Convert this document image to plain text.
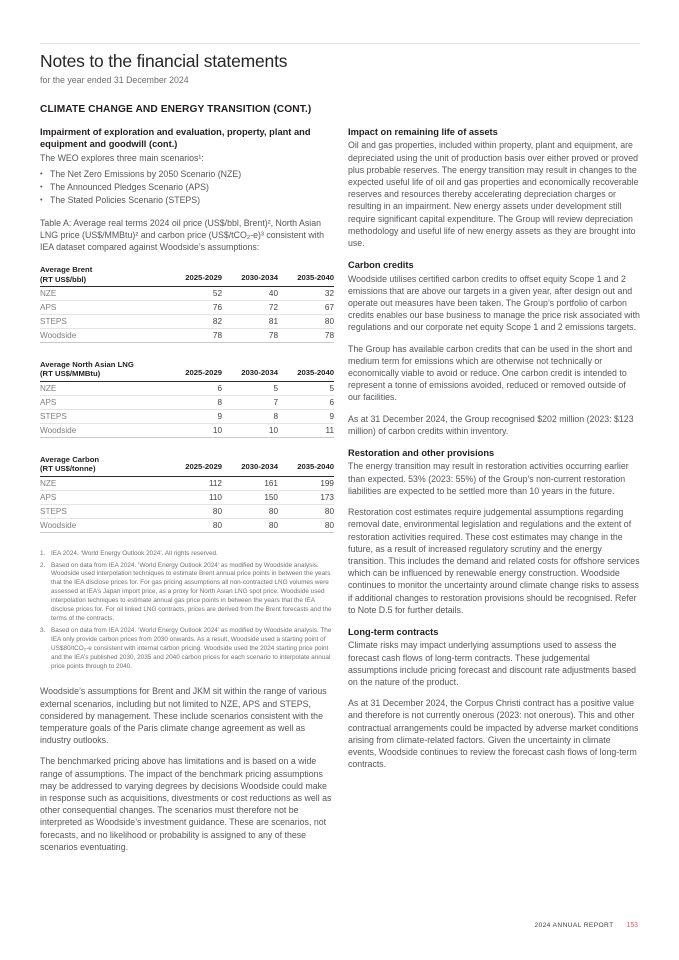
Notes to the financial statements
for the year ended 31 December 2024
CLIMATE CHANGE AND ENERGY TRANSITION (CONT.)
Impairment of exploration and evaluation, property, plant and equipment and goodwill (cont.)
The WEO explores three main scenarios¹:
• The Net Zero Emissions by 2050 Scenario (NZE)
• The Announced Pledges Scenario (APS)
• The Stated Policies Scenario (STEPS)

Table A: Average real terms 2024 oil price (US$/bbl, Brent)², North Asian LNG price (US$/MMBtu)² and carbon price (US$/tCO₂-e)³ consistent with IEA dataset compared against Woodside’s assumptions:

Average Brent
(RT US$/bbl)	2025-2029	2030-2034	2035-2040
NZE	52	40	32
APS	76	72	67
STEPS	82	81	80
Woodside	78	78	78
Average North Asian LNG
(RT US$/MMBtu)	2025-2029	2030-2034	2035-2040
NZE	6	5	5
APS	8	7	6
STEPS	9	8	9
Woodside	10	10	11
Average Carbon
(RT US$/tonne)	2025-2029	2030-2034	2035-2040
NZE	112	161	199
APS	110	150	173
STEPS	80	80	80
Woodside	80	80	80
1. IEA 2024. ‘World Energy Outlook 2024’. All rights reserved.
2. Based on data from IEA 2024. ‘World Energy Outlook 2024’ as modified by Woodside analysis. Woodside used interpolation techniques to estimate Brent annual price points in between the years that the IEA disclose prices for. For gas pricing assumptions all non-contracted LNG volumes were assessed at IEA’s Japan import price, as a proxy for North Asian LNG spot price. Woodside used interpolation techniques to estimate annual gas price points in between the years that the IEA disclose prices for. For oil linked LNG contracts, prices are derived from the Brent forecasts and the terms of the contracts.
3. Based on data from IEA 2024. ‘World Energy Outlook 2024’ as modified by Woodside analysis. The IEA only provide carbon prices from 2030 onwards. As a result, Woodside used a starting point of US$80/tCO₂-e consistent with internal carbon pricing. Woodside used the 2024 starting price point and the IEA’s published 2030, 2035 and 2040 carbon prices for each scenario to interpolate annual price points through to 2040.

Woodside’s assumptions for Brent and JKM sit within the range of various external scenarios, including but not limited to NZE, APS and STEPS, considered by management. These include scenarios consistent with the temperature goals of the Paris climate change agreement as well as industry outlooks.

The benchmarked pricing above has limitations and is based on a wide range of assumptions. The impact of the benchmark pricing assumptions may be addressed to varying degrees by decisions Woodside could make in response such as acquisitions, divestments or cost reductions as well as other consequential changes. The scenarios must therefore not be interpreted as Woodside’s investment guidance. These are scenarios, not forecasts, and no likelihood or probability is assigned to any of these scenarios eventuating.

Impact on remaining life of assets

Oil and gas properties, included within property, plant and equipment, are depreciated using the unit of production basis over either proved or proved plus probable reserves. The energy transition may result in changes to the expected useful life of oil and gas properties and economically recoverable reserves and resources thereby accelerating depreciation charges or resulting in an impairment. New energy assets under development still require significant capital expenditure. The Group will review depreciation methodology and useful life of new energy assets as they are brought into use.

Carbon credits

Woodside utilises certified carbon credits to offset equity Scope 1 and 2 emissions that are above our targets in a given year, after design out and operate out measures have been taken. The Group’s portfolio of carbon credits enables our base business to manage the price risk associated with regulations and our corporate net equity Scope 1 and 2 emissions targets.

The Group has available carbon credits that can be used in the short and medium term for emissions which are otherwise not technically or economically viable to avoid or reduce. One carbon credit is intended to represent a tonne of emissions avoided, reduced or removed outside of our facilities.

As at 31 December 2024, the Group recognised $202 million (2023: $123 million) of carbon credits within inventory.

Restoration and other provisions

The energy transition may result in restoration activities occurring earlier than expected. 53% (2023: 55%) of the Group’s non-current restoration liabilities are expected to be settled more than 10 years in the future.

Restoration cost estimates require judgemental assumptions regarding removal date, environmental legislation and regulations and the extent of restoration activities required. These cost estimates may change in the future, as a result of increased regulatory scrutiny and the energy transition. This includes the demand and related costs for offshore services which can be influenced by renewable energy construction. Woodside continues to monitor the uncertainty around climate change risks to assess if additional changes to restoration provisions should be recognised. Refer to Note D.5 for further details.

Long-term contracts

Climate risks may impact underlying assumptions used to assess the forecast cash flows of long-term contracts. These judgemental assumptions include pricing forecast and discount rate adjustments based on the nature of the product.

As at 31 December 2024, the Corpus Christi contract has a positive value and therefore is not currently onerous (2023: not onerous). This and other contractual arrangements could be impacted by adverse market conditions arising from climate-related factors. Given the uncertainty in climate events, Woodside continues to review the forecast cash flows of long-term contracts.

2024 ANNUAL REPORT 153
